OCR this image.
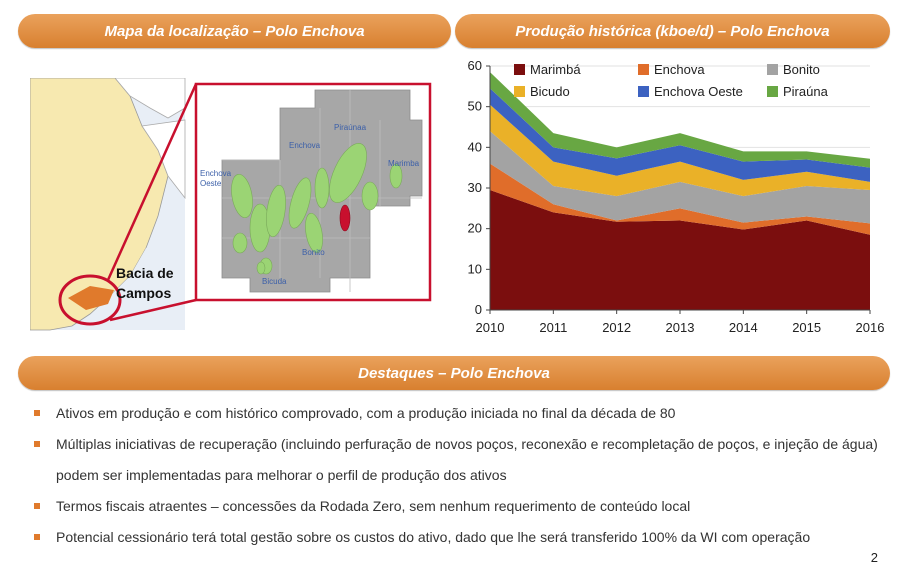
Mapa da localização – Polo Enchova	Produção histórica (kboe/d) – Polo Enchova
Destaques – Polo Enchova
Bacia de
Campos
Piraúnaa
Enchova
Marimba
Enchova
Oeste
Bonito
Bicuda
0
10
20
30
40
50
60
2010	2011	2012	2013	2014	2015	2016
Marimbá	Enchova	Bonito
Bicudo	Enchova Oeste	Piraúna
Ativos em produção e com histórico comprovado, com a produção iniciada no final da década de 80
Múltiplas iniciativas de recuperação (incluindo perfuração de novos poços, reconexão e recompletação de poços, e injeção de água) podem ser implementadas para melhorar o perfil de produção dos ativos
Termos fiscais atraentes – concessões da Rodada Zero, sem nenhum requerimento de conteúdo local
Potencial cessionário terá total gestão sobre os custos do ativo, dado que lhe será transferido 100% da WI com operação
2
